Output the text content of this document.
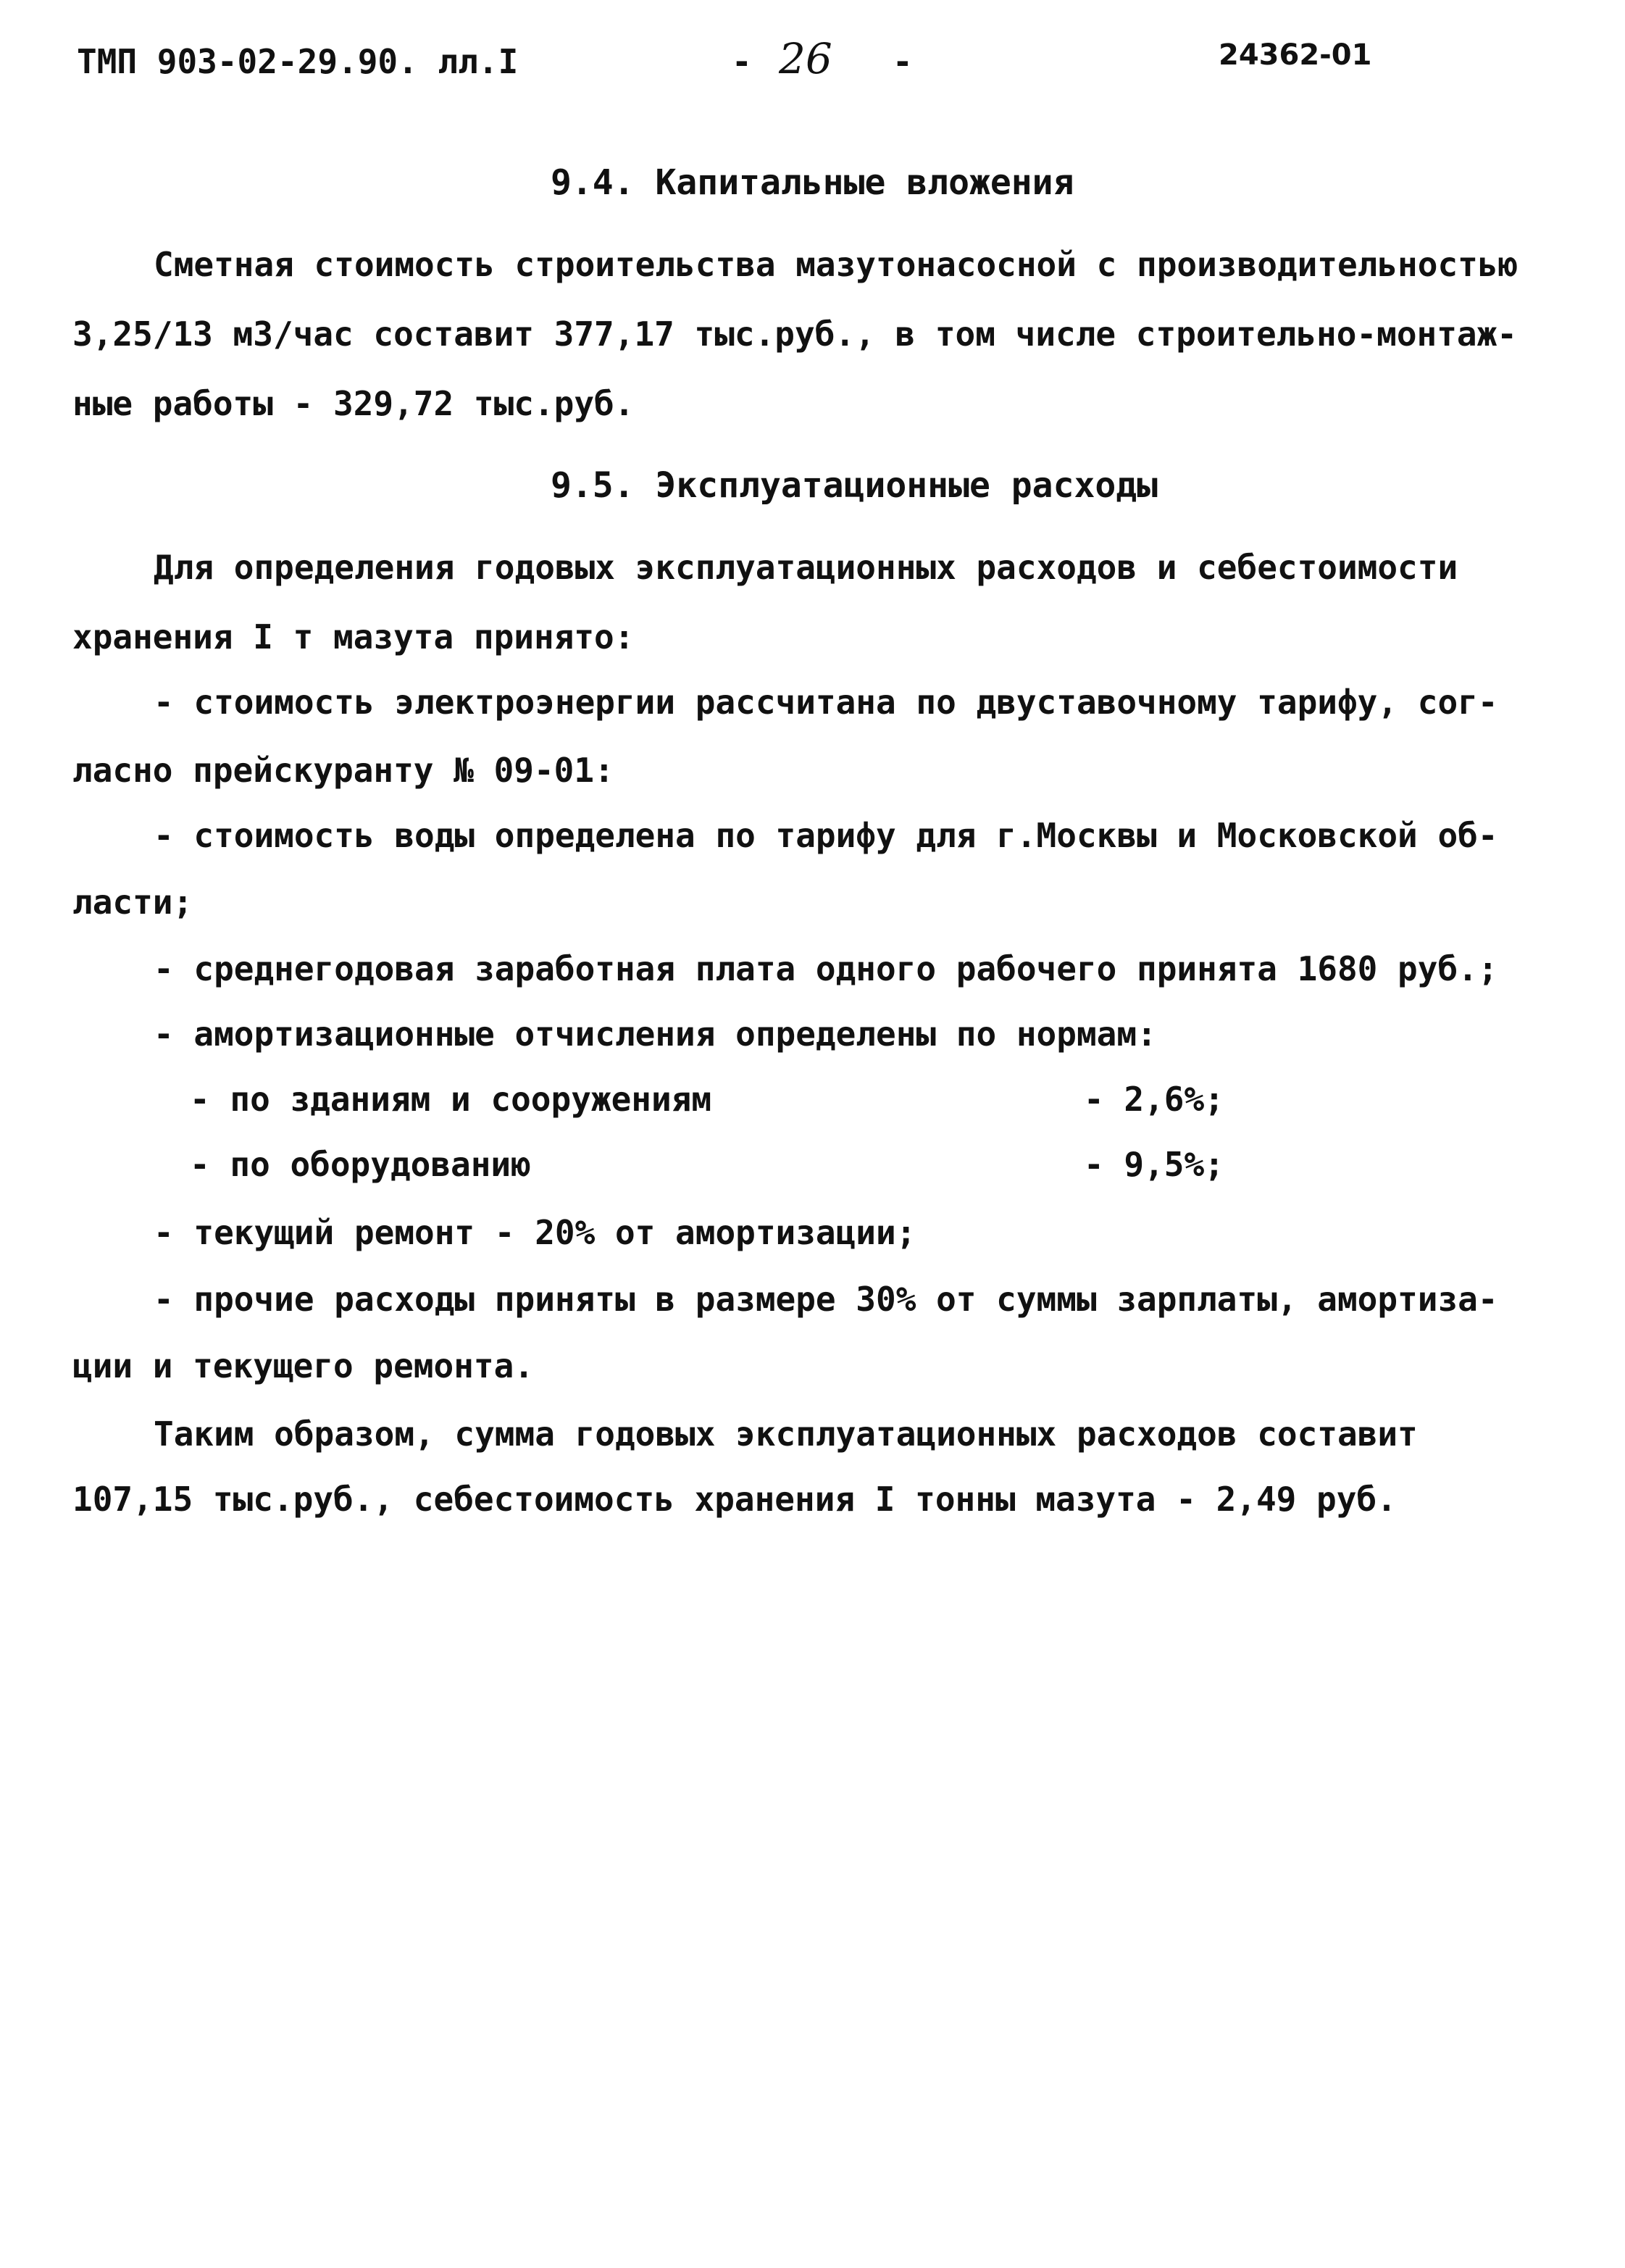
ТМП 903-02-29.90. лл.I	- 26 -	24362-01
9.4. Капитальные вложения
Сметная стоимость строительства мазутонасосной с производительностью
3,25/13 м3/час составит 377,17 тыс.руб., в том числе строительно-монтаж-
ные работы - 329,72 тыс.руб.
9.5. Эксплуатационные расходы
Для определения годовых эксплуатационных расходов и себестоимости
хранения I т мазута принято:
- стоимость электроэнергии рассчитана по двуставочному тарифу, сог-
ласно прейскуранту № 09-01:
- стоимость воды определена по тарифу для г.Москвы и Московской об-
ласти;
- среднегодовая заработная плата одного рабочего принята 1680 руб.;
- амортизационные отчисления определены по нормам:
- по зданиям и сооружениям	- 2,6%;
- по оборудованию	- 9,5%;
- текущий ремонт - 20% от амортизации;
- прочие расходы приняты в размере 30% от суммы зарплаты, амортиза-
ции и текущего ремонта.
Таким образом, сумма годовых эксплуатационных расходов составит
107,15 тыс.руб., себестоимость хранения I тонны мазута - 2,49 руб.
